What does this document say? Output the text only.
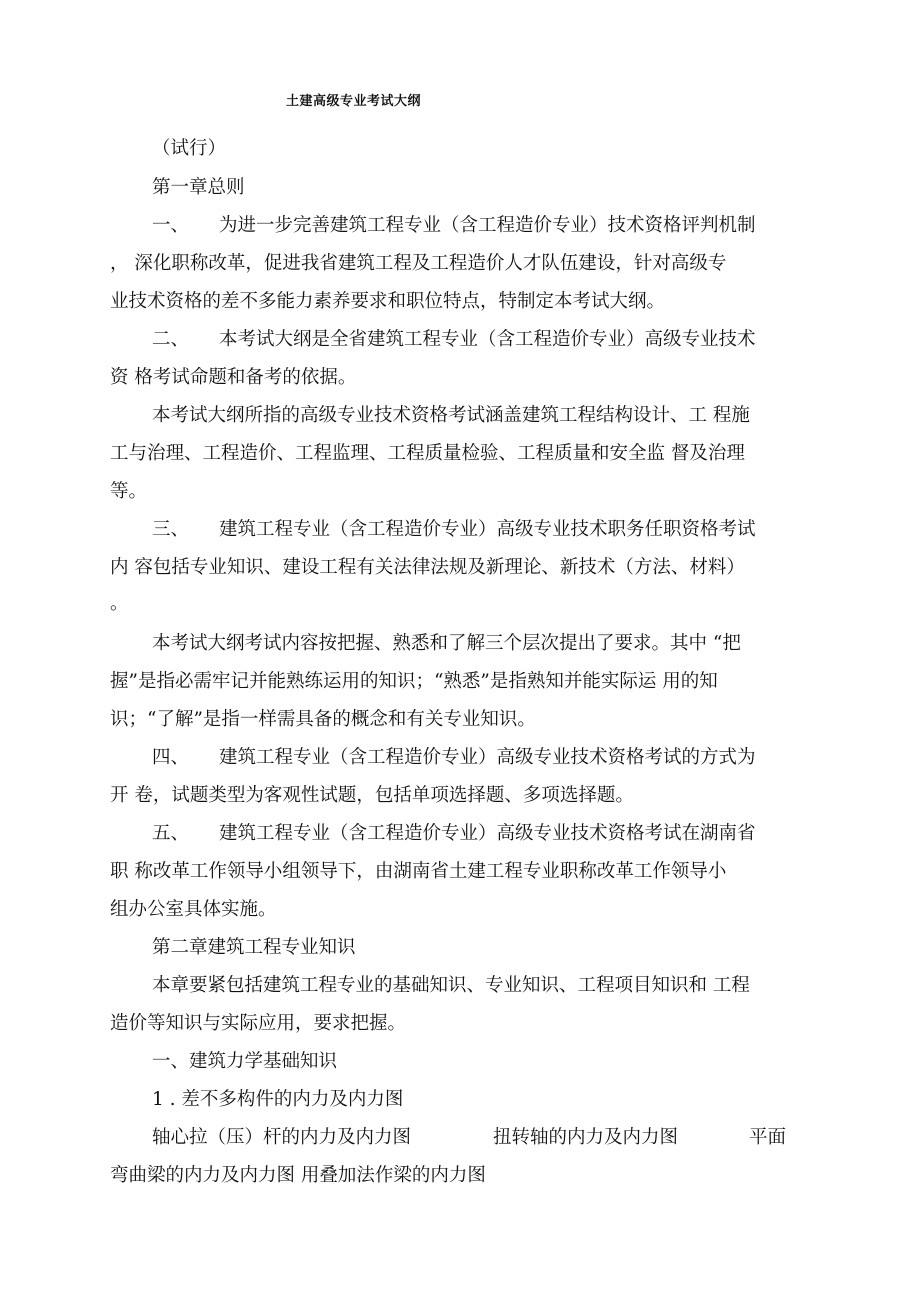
土建高级专业考试大纲
（试行）
第一章总则
一、 为进一步完善建筑工程专业（含工程造价专业）技术资格评判机制
， 深化职称改革，促进我省建筑工程及工程造价人才队伍建设，针对高级专
业技术资格的差不多能力素养要求和职位特点，特制定本考试大纲。
二、 本考试大纲是全省建筑工程专业（含工程造价专业）高级专业技术
资 格考试命题和备考的依据。
本考试大纲所指的高级专业技术资格考试涵盖建筑工程结构设计、工 程施
工与治理、工程造价、工程监理、工程质量检验、工程质量和安全监 督及治理
等。
三、 建筑工程专业（含工程造价专业）高级专业技术职务任职资格考试
内 容包括专业知识、建设工程有关法律法规及新理论、新技术（方法、材料）
。
本考试大纲考试内容按把握、熟悉和了解三个层次提出了要求。其中 “把
握”是指必需牢记并能熟练运用的知识；“熟悉”是指熟知并能实际运 用的知
识；“了解”是指一样需具备的概念和有关专业知识。
四、 建筑工程专业（含工程造价专业）高级专业技术资格考试的方式为
开 卷，试题类型为客观性试题，包括单项选择题、多项选择题。
五、 建筑工程专业（含工程造价专业）高级专业技术资格考试在湖南省
职 称改革工作领导小组领导下，由湖南省土建工程专业职称改革工作领导小
组办公室具体实施。
第二章建筑工程专业知识
本章要紧包括建筑工程专业的基础知识、专业知识、工程项目知识和 工程
造价等知识与实际应用，要求把握。
一、建筑力学基础知识
1 . 差不多构件的内力及内力图
轴心拉（压）杆的内力及内力图	扭转轴的内力及内力图	平面
弯曲梁的内力及内力图 用叠加法作梁的内力图
